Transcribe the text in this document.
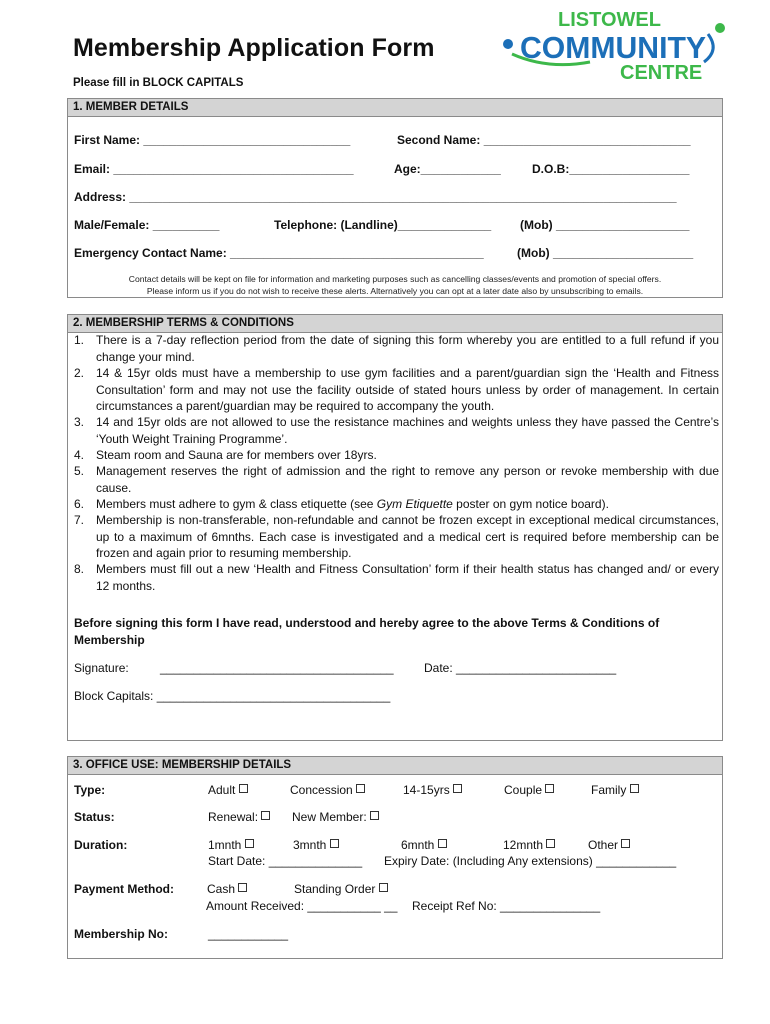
Membership Application Form
Please fill in BLOCK CAPITALS
LISTOWEL
COMMUNITY
CENTRE
1. MEMBER DETAILS
First Name: _______________________________	Second Name: _______________________________
Email: ____________________________________	Age:____________	D.O.B:__________________
Address: __________________________________________________________________________________
Male/Female: __________	Telephone: (Landline)______________ (Mob) ____________________
Emergency Contact Name: ______________________________________	(Mob) _____________________
Contact details will be kept on file for information and marketing purposes such as cancelling classes/events and promotion of special offers.
Please inform us if you do not wish to receive these alerts. Alternatively you can opt at a later date also by unsubscribing to emails.
2. MEMBERSHIP TERMS & CONDITIONS
1. There is a 7-day reflection period from the date of signing this form whereby you are entitled to a full refund if you change your mind.
2. 14 & 15yr olds must have a membership to use gym facilities and a parent/guardian sign the ‘Health and Fitness Consultation’ form and may not use the facility outside of stated hours unless by order of management. In certain circumstances a parent/guardian may be required to accompany the youth.
3. 14 and 15yr olds are not allowed to use the resistance machines and weights unless they have passed the Centre’s ‘Youth Weight Training Programme’.
4. Steam room and Sauna are for members over 18yrs.
5. Management reserves the right of admission and the right to remove any person or revoke membership with due cause.
6. Members must adhere to gym & class etiquette (see Gym Etiquette poster on gym notice board).
7. Membership is non-transferable, non-refundable and cannot be frozen except in exceptional medical circumstances, up to a maximum of 6mnths. Each case is investigated and a medical cert is required before membership can be frozen and again prior to resuming membership.
8. Members must fill out a new ‘Health and Fitness Consultation’ form if their health status has changed and/ or every 12 months.
Before signing this form I have read, understood and hereby agree to the above Terms & Conditions of Membership
Signature:	___________________________________	Date: ________________________
Block Capitals: ___________________________________
3. OFFICE USE: MEMBERSHIP DETAILS
Type:	Adult	Concession	14-15yrs	Couple	Family
Status:	Renewal:	New Member:
Duration:	1mnth	3mnth	6mnth	12mnth	Other
Start Date: ______________ Expiry Date: (Including Any extensions) ____________
Payment Method:	Cash	Standing Order
Amount Received: ___________ __ Receipt Ref No: _______________
Membership No:	____________
